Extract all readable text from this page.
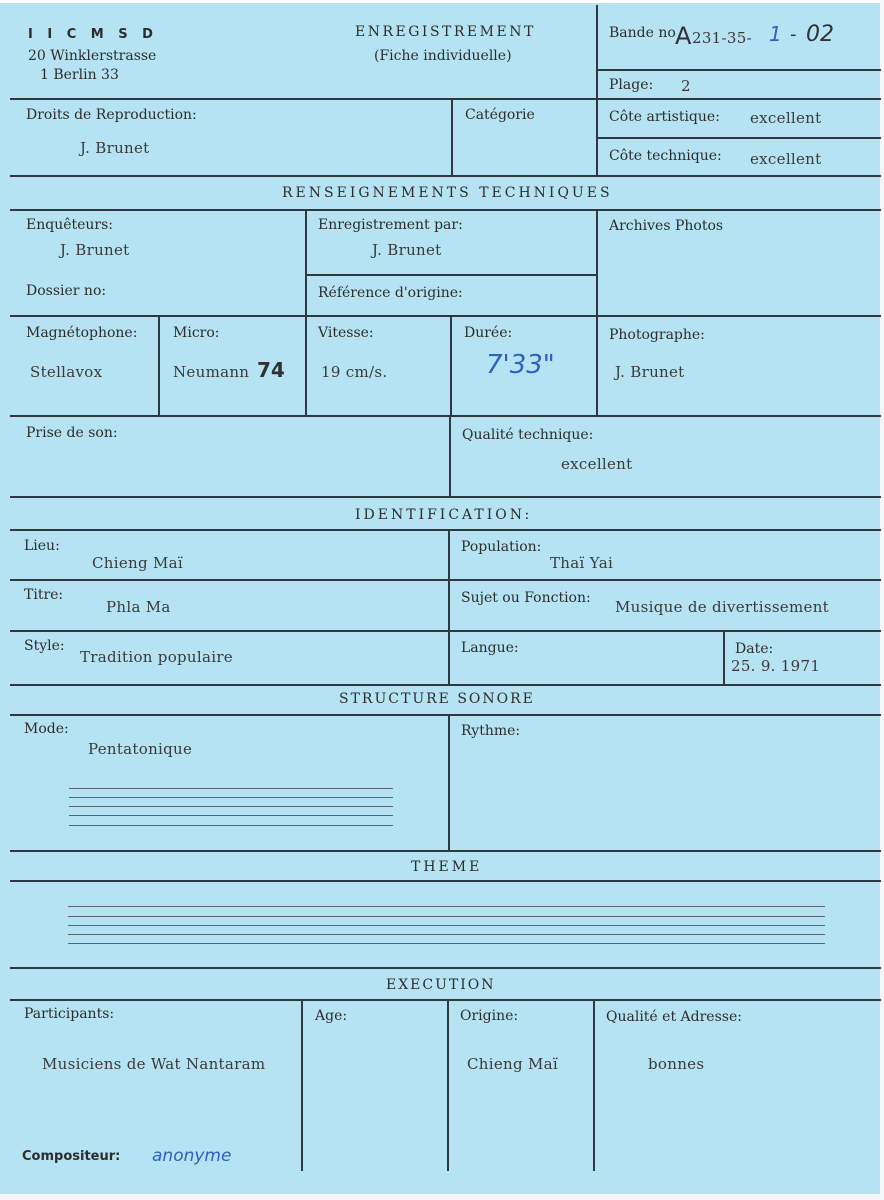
I I C M S D
20 Winklerstrasse
1 Berlin 33
ENREGISTREMENT
(Fiche individuelle)
Bande no A 231-35- 1 - 02
Plage: 2
Droits de Reproduction:
J. Brunet
Catégorie	Côte artistique: excellent
Côte technique: excellent
RENSEIGNEMENTS TECHNIQUES
Enquêteurs:
J. Brunet
Enregistrement par:
J. Brunet
Archives Photos
Dossier no:	Référence d'origine:
Magnétophone:
Stellavox
Micro:
Neumann 74
Vitesse:
19 cm/s.
Durée:
7'33"
Photographe:
J. Brunet
Prise de son:	Qualité technique:
excellent
IDENTIFICATION:
Lieu:
Chieng Maï
Population:
Thaï Yai
Titre:
Phla Ma	Sujet ou Fonction: Musique de divertissement
Style:
Tradition populaire	Langue:	Date:
25. 9. 1971
STRUCTURE SONORE
Mode:
Pentatonique
Rythme:
THEME
EXECUTION
Participants:
Musiciens de Wat Nantaram
Age:	Origine:
Chieng Maï
Qualité et Adresse:
bonnes
Compositeur: anonyme
